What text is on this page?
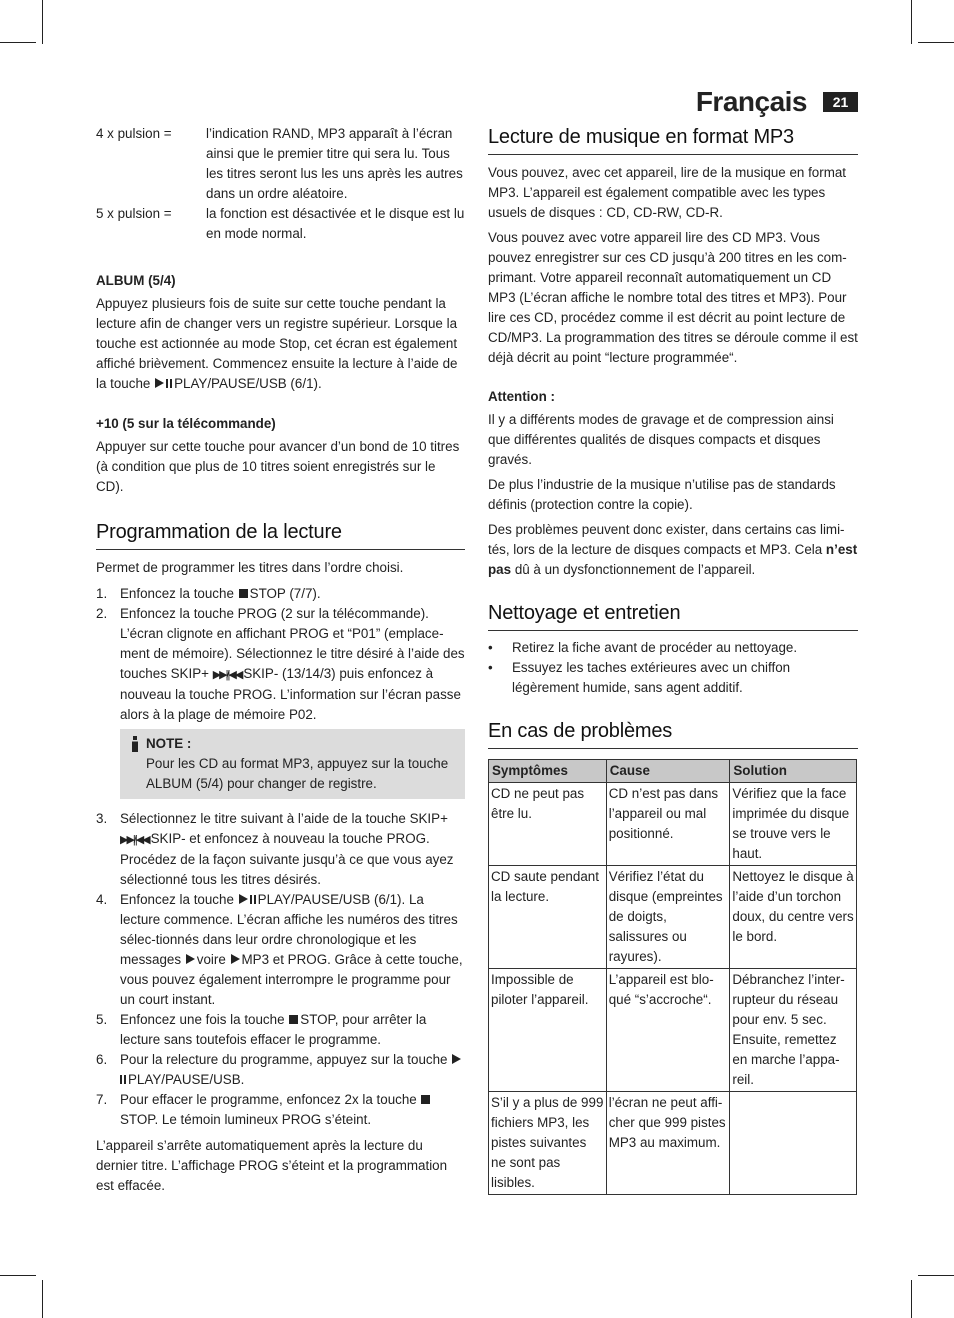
Français	21
4 x pulsion =	l’indication RAND, MP3 apparaît à l’écran ainsi que le premier titre qui sera lu. Tous les titres seront lus les uns après les autres dans un ordre aléatoire.
5 x pulsion =	la fonction est désactivée et le disque est lu en mode normal.

ALBUM (5/4)

Appuyez plusieurs fois de suite sur cette touche pendant la lecture afin de changer vers un registre supérieur. Lorsque la touche est actionnée au mode Stop, cet écran est également affiché brièvement. Commencez ensuite la lecture à l’aide de la touche PLAY/PAUSE/USB (6/1).

+10 (5 sur la télécommande)

Appuyer sur cette touche pour avancer d’un bond de 10 titres (à condition que plus de 10 titres soient enregistrés sur le CD).

Programmation de la lecture

Permet de programmer les titres dans l’ordre choisi.

1. Enfoncez la touche STOP (7/7).
2. Enfoncez la touche PROG (2 sur la télécommande). L’écran clignote en affichant PROG et “P01” (emplace-ment de mémoire). Sélectionnez le titre désiré à l’aide des touches SKIP+ ▶▶|/|◀◀ SKIP- (13/14/3) puis enfoncez à nouveau la touche PROG. L’information sur l’écran passe alors à la plage de mémoire P02.
NOTE :
Pour les CD au format MP3, appuyez sur la touche ALBUM (5/4) pour changer de registre.
3. Sélectionnez le titre suivant à l’aide de la touche SKIP+ ▶▶|/|◀◀ SKIP- et enfoncez à nouveau la touche PROG. Procédez de la façon suivante jusqu’à ce que vous ayez sélectionné tous les titres désirés.
4. Enfoncez la touche PLAY/PAUSE/USB (6/1). La lecture commence. L’écran affiche les numéros des titres sélec-tionnés dans leur ordre chronologique et les messages voire MP3 et PROG. Grâce à cette touche, vous pouvez également interrompre le programme pour un court instant.
5. Enfoncez une fois la touche STOP, pour arrêter la lecture sans toutefois effacer le programme.
6. Pour la relecture du programme, appuyez sur la touche PLAY/PAUSE/USB.
7. Pour effacer le programme, enfoncez 2x la touche STOP. Le témoin lumineux PROG s’éteint.

L’appareil s’arrête automatiquement après la lecture du dernier titre. L’affichage PROG s’éteint et la programmation est effacée.

Lecture de musique en format MP3

Vous pouvez, avec cet appareil, lire de la musique en format MP3. L’appareil est également compatible avec les types usuels de disques : CD, CD-RW, CD-R.

Vous pouvez avec votre appareil lire des CD MP3. Vous pouvez enregistrer sur ces CD jusqu’à 200 titres en les com-primant. Votre appareil reconnaît automatiquement un CD MP3 (L’écran affiche le nombre total des titres et MP3). Pour lire ces CD, procédez comme il est décrit au point lecture de CD/MP3. La programmation des titres se déroule comme il est déjà décrit au point “lecture programmée“.

Attention :

Il y a différents modes de gravage et de compression ainsi que différentes qualités de disques compacts et disques gravés.

De plus l’industrie de la musique n’utilise pas de standards définis (protection contre la copie).

Des problèmes peuvent donc exister, dans certains cas limi-tés, lors de la lecture de disques compacts et MP3. Cela n’est pas dû à un dysfonctionnement de l’appareil.

Nettoyage et entretien
•	Retirez la fiche avant de procéder au nettoyage.
•	Essuyez les taches extérieures avec un chiffon légèrement humide, sans agent additif.
En cas de problèmes
Symptômes	Cause	Solution
CD ne peut pas être lu.	CD n’est pas dans l’appareil ou mal positionné.	Vérifiez que la face imprimée du disque se trouve vers le haut.
CD saute pendant la lecture.	Vérifiez l’état du disque (empreintes de doigts, salissures ou rayures).	Nettoyez le disque à l’aide d’un torchon doux, du centre vers le bord.
Impossible de piloter l’appareil.	L’appareil est blo-qué “s’accroche“.	Débranchez l’inter-rupteur du réseau pour env. 5 sec. Ensuite, remettez en marche l’appa-reil.
S’il y a plus de 999 fichiers MP3, les pistes suivantes ne sont pas lisibles.	l’écran ne peut affi-cher que 999 pistes MP3 au maximum.	
